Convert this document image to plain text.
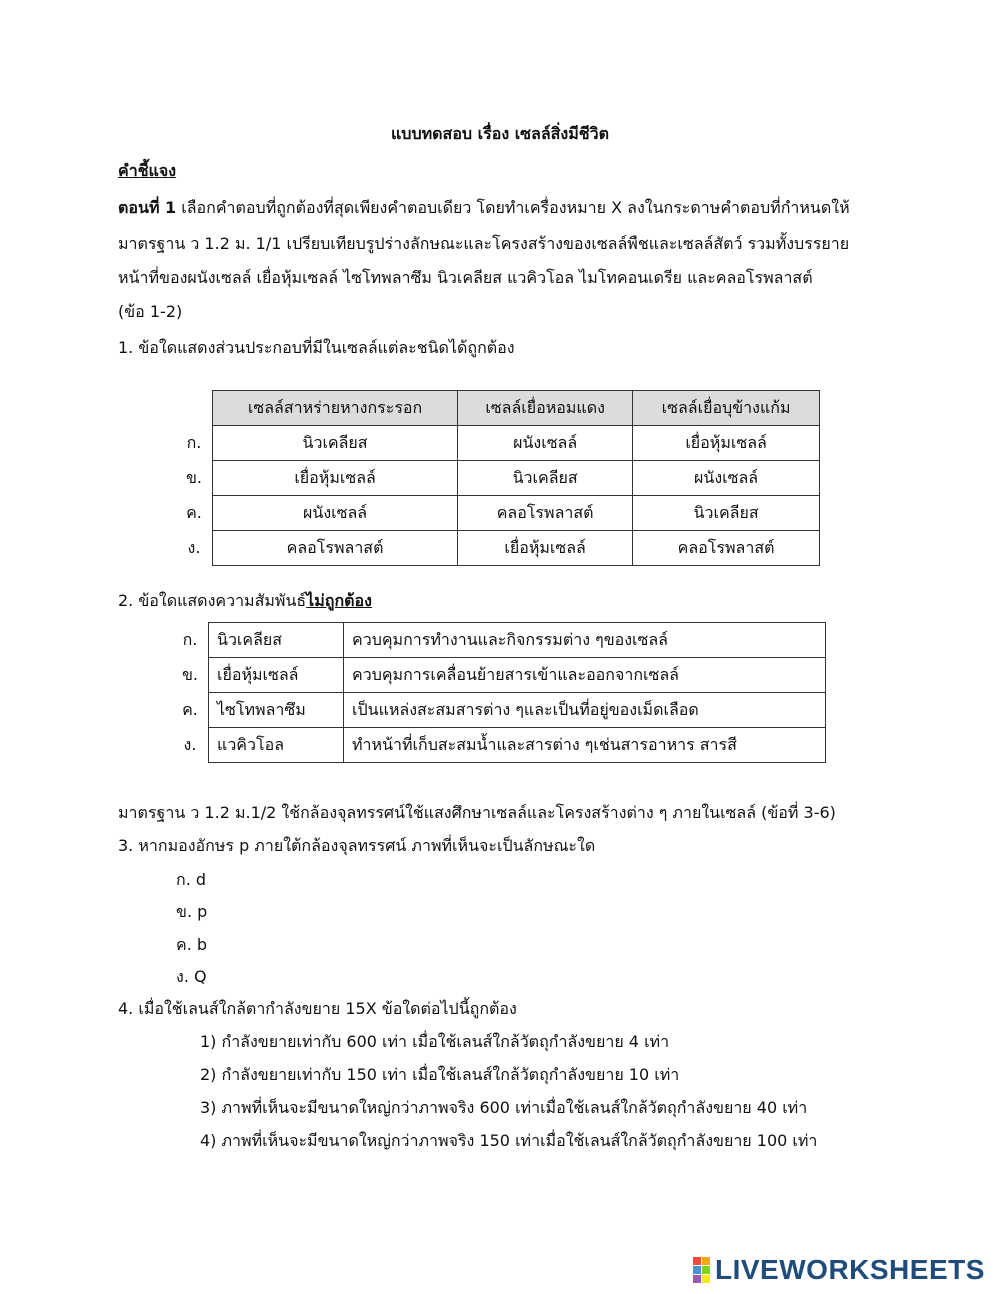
แบบทดสอบ เรื่อง เซลล์สิ่งมีชีวิต
คำชี้แจง
ตอนที่ 1 เลือกคำตอบที่ถูกต้องที่สุดเพียงคำตอบเดียว โดยทำเครื่องหมาย X ลงในกระดาษคำตอบที่กำหนดให้
มาตรฐาน ว 1.2 ม. 1/1 เปรียบเทียบรูปร่างลักษณะและโครงสร้างของเซลล์พืชและเซลล์สัตว์ รวมทั้งบรรยาย
หน้าที่ของผนังเซลล์ เยื่อหุ้มเซลล์ ไซโทพลาซึม นิวเคลียส แวคิวโอล ไมโทคอนเดรีย และคลอโรพลาสต์
(ข้อ 1-2)
1. ข้อใดแสดงส่วนประกอบที่มีในเซลล์แต่ละชนิดได้ถูกต้อง
	เซลล์สาหร่ายหางกระรอก	เซลล์เยื่อหอมแดง	เซลล์เยื่อบุข้างแก้ม
ก.	นิวเคลียส	ผนังเซลล์	เยื่อหุ้มเซลล์
ข.	เยื่อหุ้มเซลล์	นิวเคลียส	ผนังเซลล์
ค.	ผนังเซลล์	คลอโรพลาสต์	นิวเคลียส
ง.	คลอโรพลาสต์	เยื่อหุ้มเซลล์	คลอโรพลาสต์
2. ข้อใดแสดงความสัมพันธ์ไม่ถูกต้อง
ก.	นิวเคลียส	ควบคุมการทำงานและกิจกรรมต่าง ๆของเซลล์
ข.	เยื่อหุ้มเซลล์	ควบคุมการเคลื่อนย้ายสารเข้าและออกจากเซลล์
ค.	ไซโทพลาซึม	เป็นแหล่งสะสมสารต่าง ๆและเป็นที่อยู่ของเม็ดเลือด
ง.	แวคิวโอล	ทำหน้าที่เก็บสะสมน้ำและสารต่าง ๆเช่นสารอาหาร สารสี
มาตรฐาน ว 1.2 ม.1/2 ใช้กล้องจุลทรรศน์ใช้แสงศึกษาเซลล์และโครงสร้างต่าง ๆ ภายในเซลล์ (ข้อที่ 3-6)
3. หากมองอักษร p ภายใต้กล้องจุลทรรศน์ ภาพที่เห็นจะเป็นลักษณะใด
ก. d
ข. p
ค. b
ง. Q
4. เมื่อใช้เลนส์ใกล้ตากำลังขยาย 15X ข้อใดต่อไปนี้ถูกต้อง
1) กำลังขยายเท่ากับ 600 เท่า เมื่อใช้เลนส์ใกล้วัตถุกำลังขยาย 4 เท่า
2) กำลังขยายเท่ากับ 150 เท่า เมื่อใช้เลนส์ใกล้วัตถุกำลังขยาย 10 เท่า
3) ภาพที่เห็นจะมีขนาดใหญ่กว่าภาพจริง 600 เท่าเมื่อใช้เลนส์ใกล้วัตถุกำลังขยาย 40 เท่า
4) ภาพที่เห็นจะมีขนาดใหญ่กว่าภาพจริง 150 เท่าเมื่อใช้เลนส์ใกล้วัตถุกำลังขยาย 100 เท่า
LIVEWORKSHEETS
